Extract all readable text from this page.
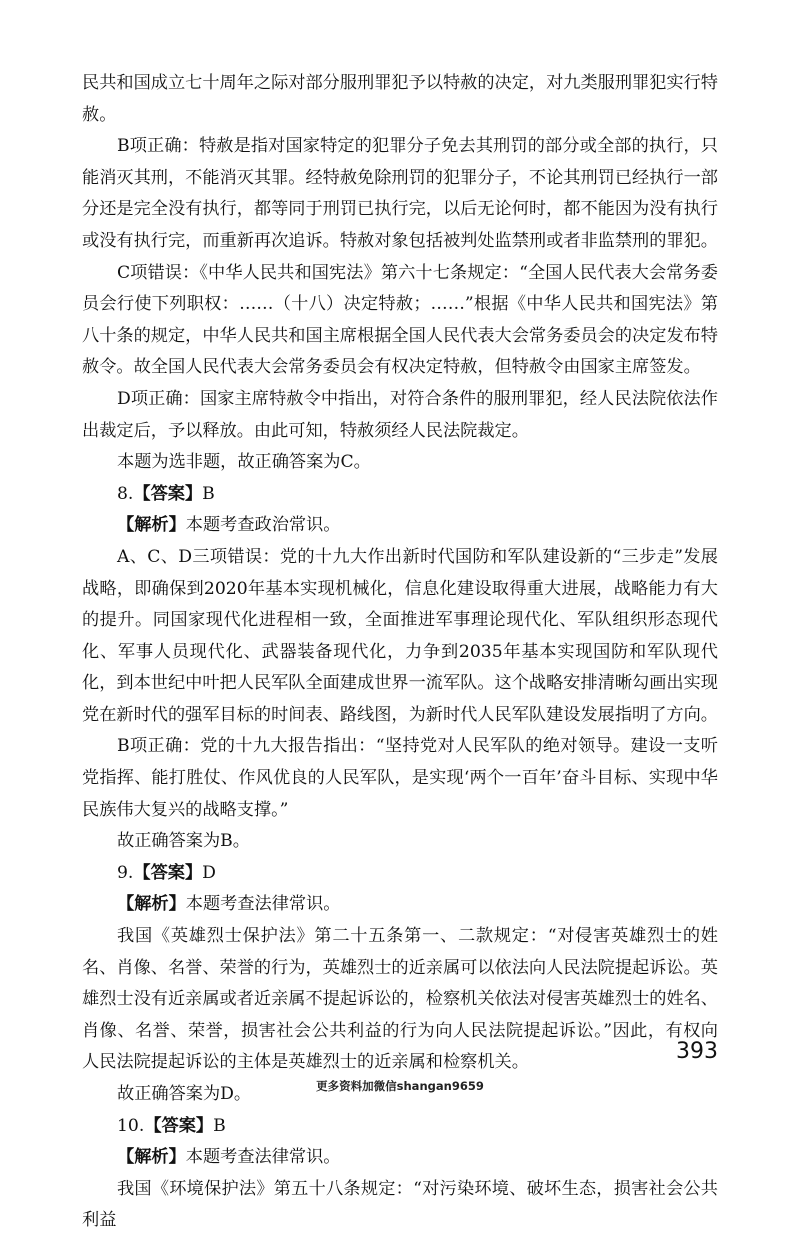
民共和国成立七十周年之际对部分服刑罪犯予以特赦的决定，对九类服刑罪犯实行特赦。

B项正确：特赦是指对国家特定的犯罪分子免去其刑罚的部分或全部的执行，只能消灭其刑，不能消灭其罪。经特赦免除刑罚的犯罪分子，不论其刑罚已经执行一部分还是完全没有执行，都等同于刑罚已执行完，以后无论何时，都不能因为没有执行或没有执行完，而重新再次追诉。特赦对象包括被判处监禁刑或者非监禁刑的罪犯。

C项错误：《中华人民共和国宪法》第六十七条规定：“全国人民代表大会常务委员会行使下列职权：……（十八）决定特赦；……”根据《中华人民共和国宪法》第八十条的规定，中华人民共和国主席根据全国人民代表大会常务委员会的决定发布特赦令。故全国人民代表大会常务委员会有权决定特赦，但特赦令由国家主席签发。

D项正确：国家主席特赦令中指出，对符合条件的服刑罪犯，经人民法院依法作出裁定后，予以释放。由此可知，特赦须经人民法院裁定。

本题为选非题，故正确答案为C。

8.【答案】B

【解析】本题考查政治常识。

A、C、D三项错误：党的十九大作出新时代国防和军队建设新的“三步走”发展战略，即确保到2020年基本实现机械化，信息化建设取得重大进展，战略能力有大的提升。同国家现代化进程相一致，全面推进军事理论现代化、军队组织形态现代化、军事人员现代化、武器装备现代化，力争到2035年基本实现国防和军队现代化，到本世纪中叶把人民军队全面建成世界一流军队。这个战略安排清晰勾画出实现党在新时代的强军目标的时间表、路线图，为新时代人民军队建设发展指明了方向。

B项正确：党的十九大报告指出：“坚持党对人民军队的绝对领导。建设一支听党指挥、能打胜仗、作风优良的人民军队，是实现‘两个一百年’奋斗目标、实现中华民族伟大复兴的战略支撑。”

故正确答案为B。

9.【答案】D

【解析】本题考查法律常识。

我国《英雄烈士保护法》第二十五条第一、二款规定：“对侵害英雄烈士的姓名、肖像、名誉、荣誉的行为，英雄烈士的近亲属可以依法向人民法院提起诉讼。英雄烈士没有近亲属或者近亲属不提起诉讼的，检察机关依法对侵害英雄烈士的姓名、肖像、名誉、荣誉，损害社会公共利益的行为向人民法院提起诉讼。”因此，有权向人民法院提起诉讼的主体是英雄烈士的近亲属和检察机关。

故正确答案为D。

10.【答案】B

【解析】本题考查法律常识。

我国《环境保护法》第五十八条规定：“对污染环境、破坏生态，损害社会公共利益

393
更多资料加微信shangan9659
